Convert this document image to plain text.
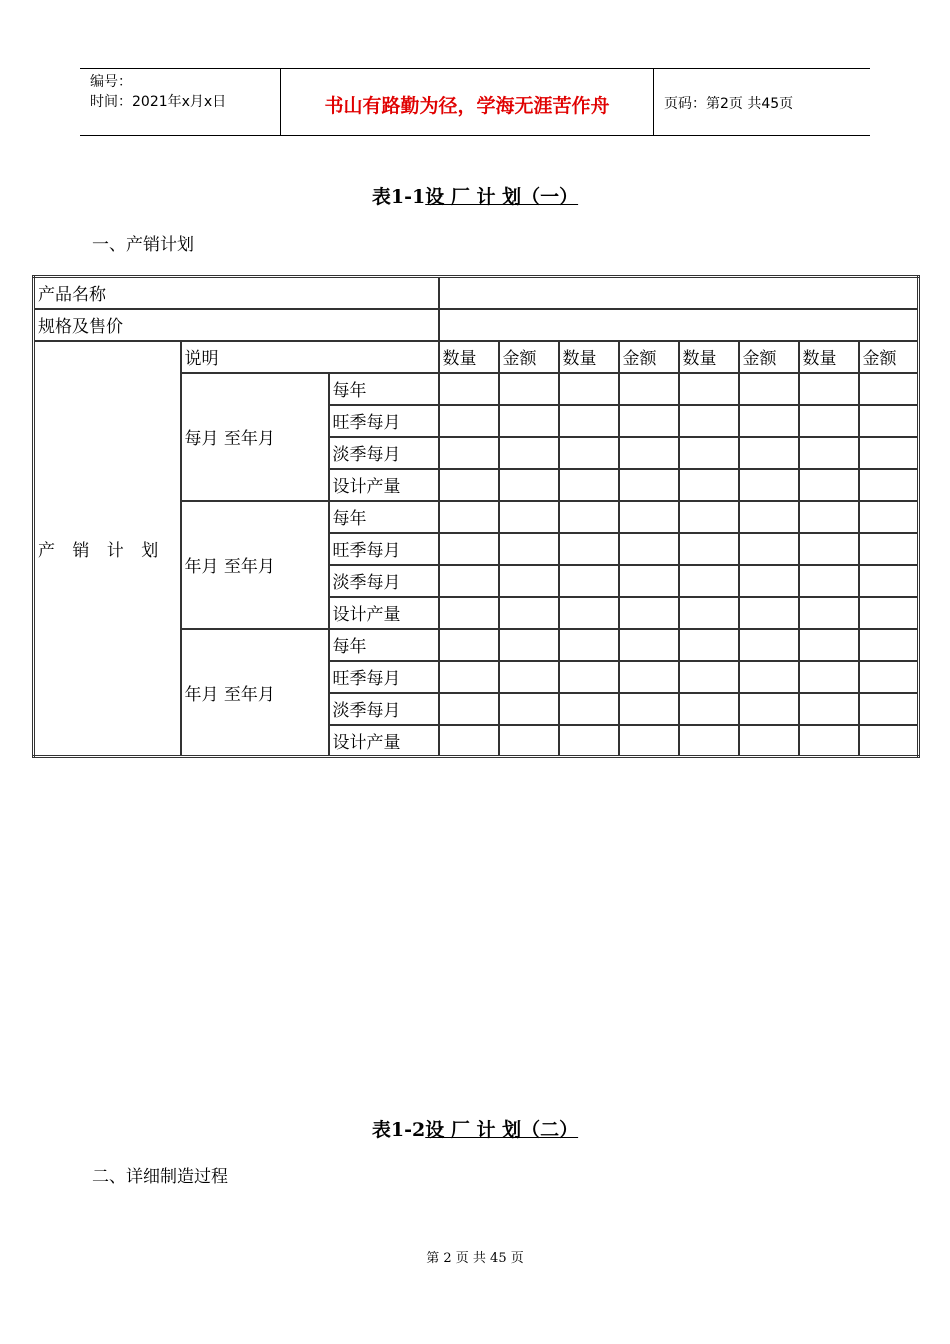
编号：
时间：2021年x月x日	书山有路勤为径，学海无涯苦作舟	页码：第2页 共45页
表1-1设 厂 计 划（一）
一、产销计划
产品名称										
规格及售价										
产 销 计 划	说明		数量	金额	数量	金额	数量	金额	数量	金额
	每月 至年月	每年								
		旺季每月								
		淡季每月								
		设计产量								
	年月 至年月	每年								
		旺季每月								
		淡季每月								
		设计产量								
	年月 至年月	每年								
		旺季每月								
		淡季每月								
		设计产量								
表1-2设 厂 计 划（二）
二、详细制造过程
第 2 页 共 45 页
